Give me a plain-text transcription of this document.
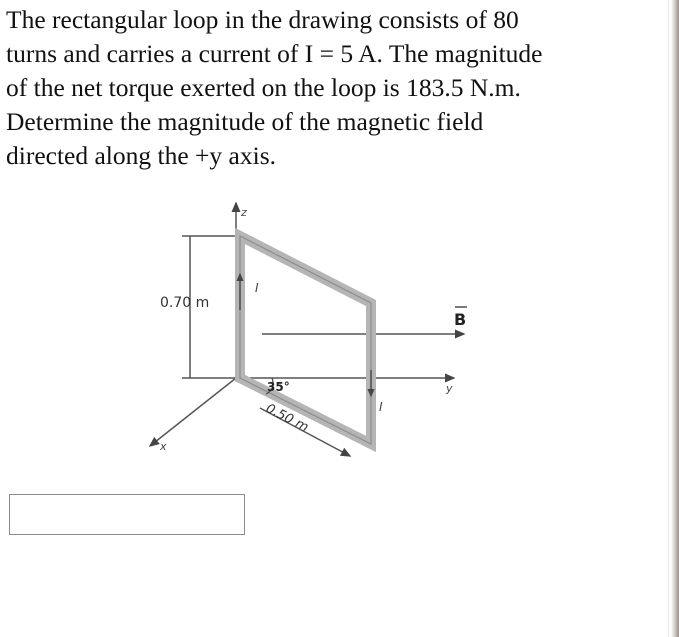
The rectangular loop in the drawing consists of 80
turns and carries a current of I = 5 A. The magnitude
of the net torque exerted on the loop is 183.5 N.m.
Determine the magnitude of the magnetic field
directed along the +y axis.
z
x
y
0.70 m
B
I
I
35°
0.50 m
